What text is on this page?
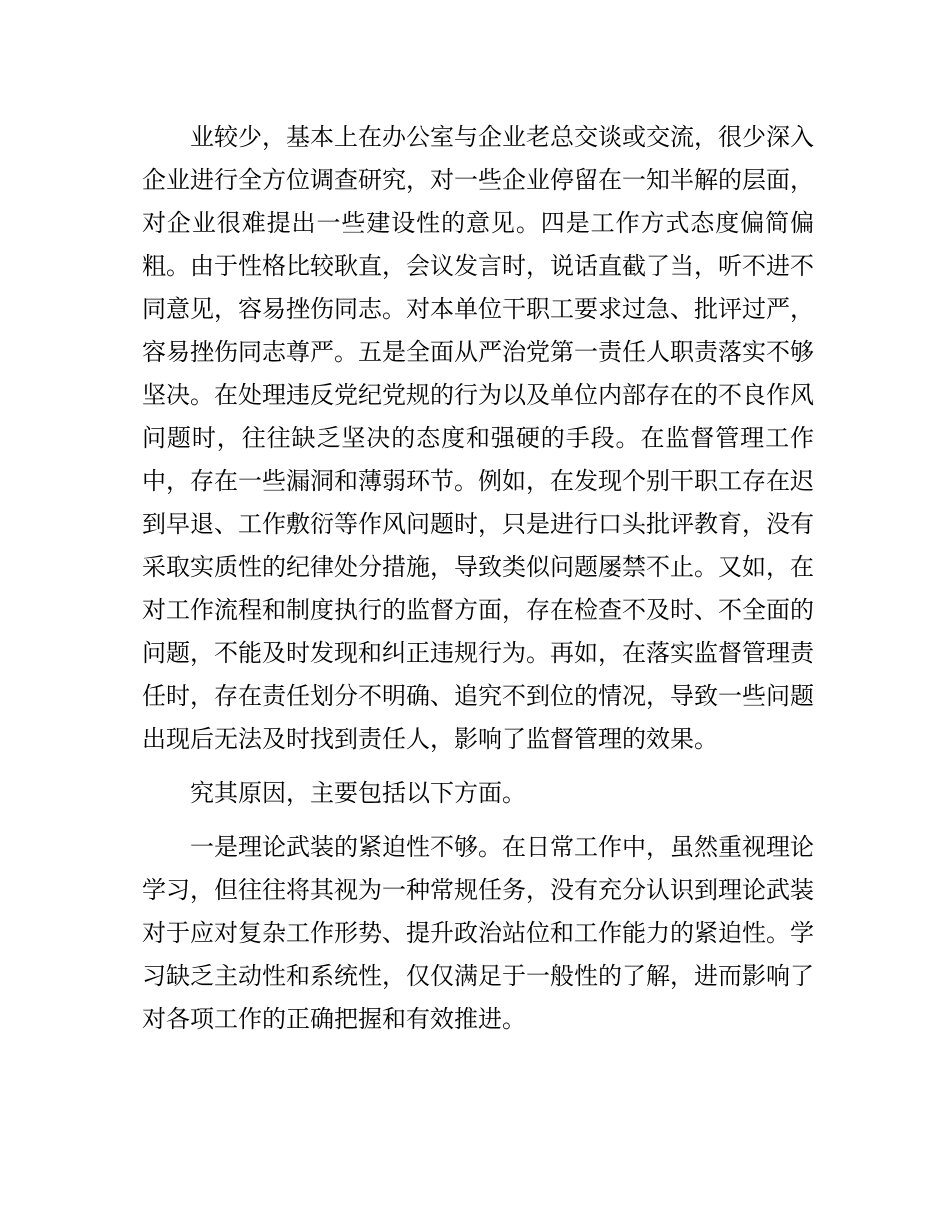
业较少，基本上在办公室与企业老总交谈或交流，很少深入企业进行全方位调查研究，对一些企业停留在一知半解的层面，对企业很难提出一些建设性的意见。四是工作方式态度偏简偏粗。由于性格比较耿直，会议发言时，说话直截了当，听不进不同意见，容易挫伤同志。对本单位干职工要求过急、批评过严，容易挫伤同志尊严。五是全面从严治党第一责任人职责落实不够坚决。在处理违反党纪党规的行为以及单位内部存在的不良作风问题时，往往缺乏坚决的态度和强硬的手段。在监督管理工作中，存在一些漏洞和薄弱环节。例如，在发现个别干职工存在迟到早退、工作敷衍等作风问题时，只是进行口头批评教育，没有采取实质性的纪律处分措施，导致类似问题屡禁不止。又如，在对工作流程和制度执行的监督方面，存在检查不及时、不全面的问题，不能及时发现和纠正违规行为。再如，在落实监督管理责任时，存在责任划分不明确、追究不到位的情况，导致一些问题出现后无法及时找到责任人，影响了监督管理的效果。

究其原因，主要包括以下方面。

一是理论武装的紧迫性不够。在日常工作中，虽然重视理论学习，但往往将其视为一种常规任务，没有充分认识到理论武装对于应对复杂工作形势、提升政治站位和工作能力的紧迫性。学习缺乏主动性和系统性，仅仅满足于一般性的了解，进而影响了对各项工作的正确把握和有效推进。
